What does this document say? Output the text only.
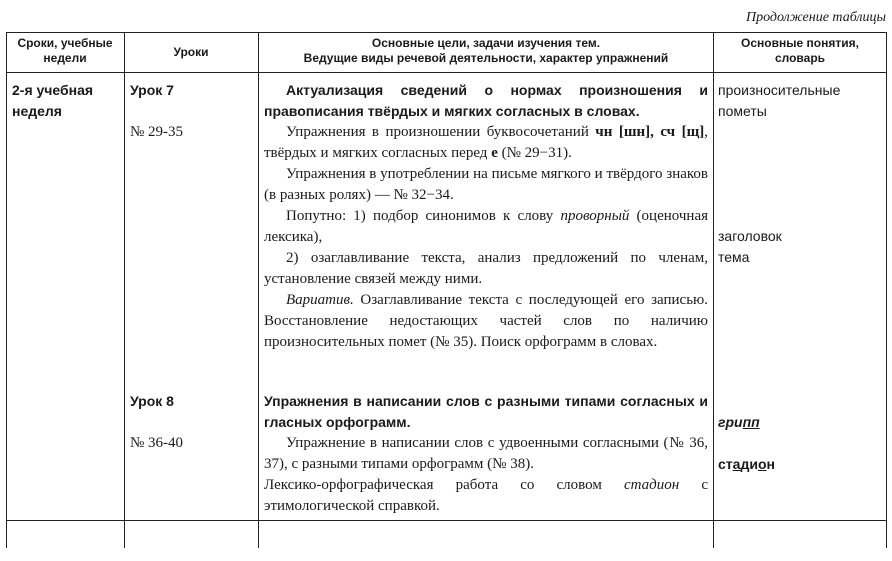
Продолжение таблицы
Сроки, учебные недели	Уроки
Основные цели, задачи изучения тем.
Ведущие виды речевой деятельности, характер упражнений
Основные понятия, словарь
2-я учебная неделя
Урок 7
№ 29-35
Урок 8
№ 36-40

Актуализация сведений о нормах произношения и правописания твёрдых и мягких согласных в словах.

Упражнения в произношении буквосочетаний чн [шн], сч [щ], твёрдых и мягких согласных перед е (№ 29−31).

Упражнения в употреблении на письме мягкого и твёрдого знаков (в разных ролях) — № 32−34.

Попутно: 1) подбор синонимов к слову проворный (оценочная лексика),

2) озаглавливание текста, анализ предложений по членам, установление связей между ними.

Вариатив. Озаглавливание текста с последующей его записью. Восстановление недостающих частей слов по наличию произносительных помет (№ 35). Поиск орфограмм в словах.

Упражнения в написании слов с разными типами согласных и гласных орфограмм.

Упражнение в написании слов с удвоенными согласными (№ 36, 37), с разными типами орфограмм (№ 38).

Лексико-орфографическая работа со словом стадион с этимологической справкой.

произносительные пометы
заголовок
тема
грипп
стадион
